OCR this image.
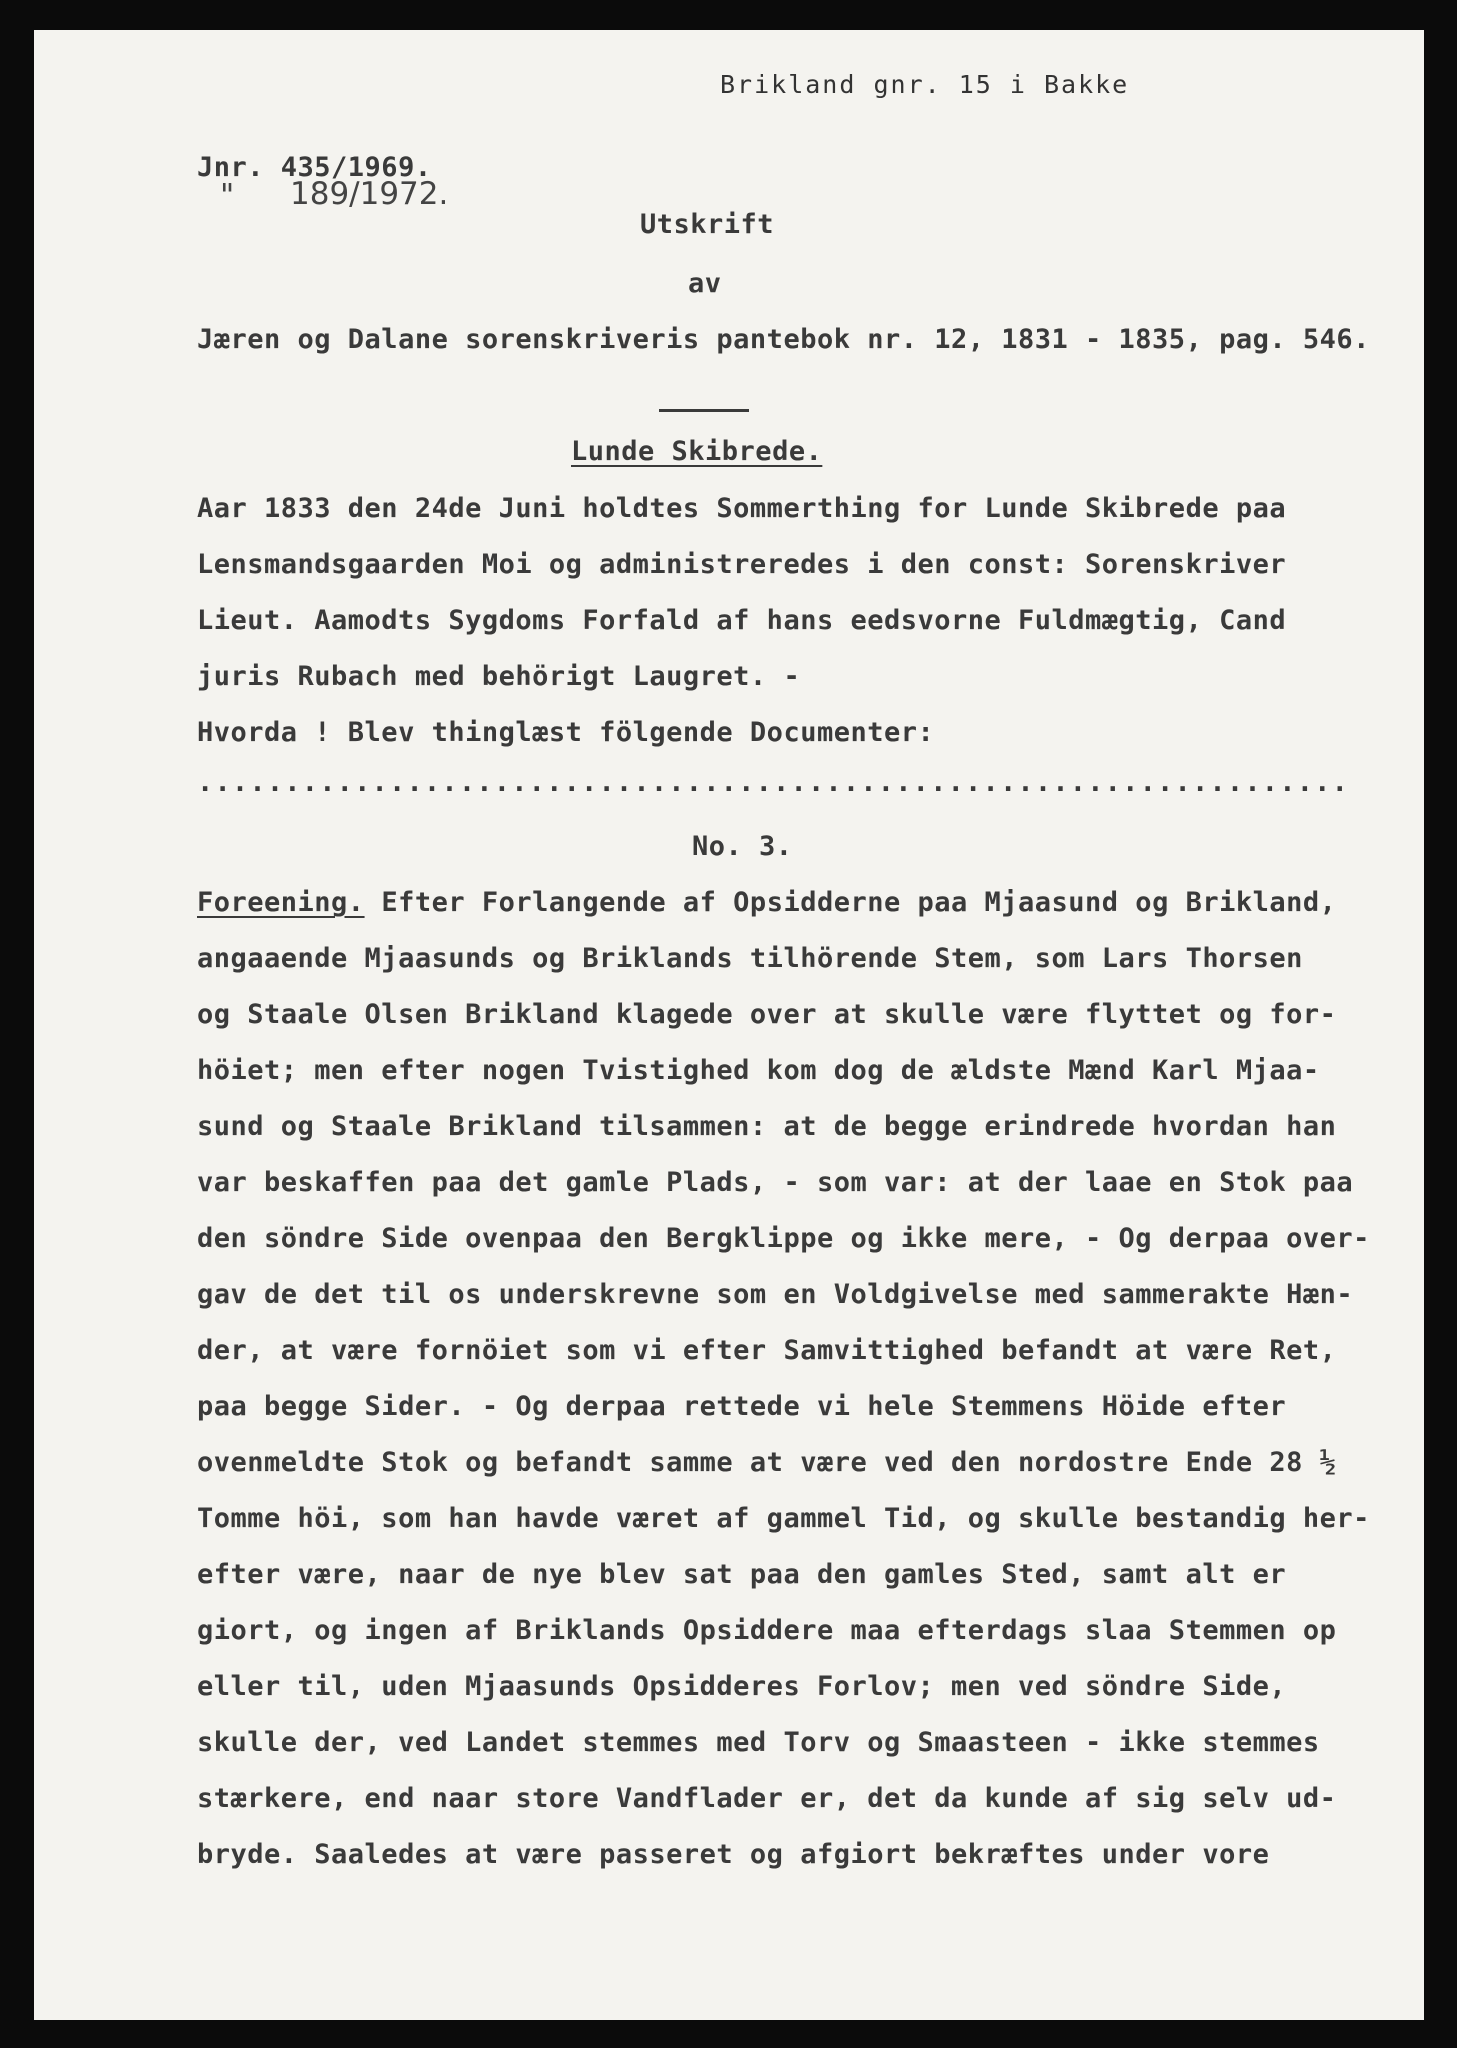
Brikland gnr. 15 i Bakke
Jnr. 435/1969.
" 189/1972.
Utskrift
av
Jæren og Dalane sorenskriveris pantebok nr. 12, 1831 - 1835, pag. 546.
Lunde Skibrede.
Aar 1833 den 24de Juni holdtes Sommerthing for Lunde Skibrede paa
Lensmandsgaarden Moi og administreredes i den const: Sorenskriver
Lieut. Aamodts Sygdoms Forfald af hans eedsvorne Fuldmægtig, Cand
juris Rubach med behörigt Laugret. -
Hvorda ! Blev thinglæst fölgende Documenter:
..................................................................
No. 3.
Foreening. Efter Forlangende af Opsidderne paa Mjaasund og Brikland,
angaaende Mjaasunds og Briklands tilhörende Stem, som Lars Thorsen
og Staale Olsen Brikland klagede over at skulle være flyttet og for-
höiet; men efter nogen Tvistighed kom dog de ældste Mænd Karl Mjaa-
sund og Staale Brikland tilsammen: at de begge erindrede hvordan han
var beskaffen paa det gamle Plads, - som var: at der laae en Stok paa
den söndre Side ovenpaa den Bergklippe og ikke mere, - Og derpaa over-
gav de det til os underskrevne som en Voldgivelse med sammerakte Hæn-
der, at være fornöiet som vi efter Samvittighed befandt at være Ret,
paa begge Sider. - Og derpaa rettede vi hele Stemmens Höide efter
ovenmeldte Stok og befandt samme at være ved den nordostre Ende 28 ½
Tomme höi, som han havde været af gammel Tid, og skulle bestandig her-
efter være, naar de nye blev sat paa den gamles Sted, samt alt er
giort, og ingen af Briklands Opsiddere maa efterdags slaa Stemmen op
eller til, uden Mjaasunds Opsidderes Forlov; men ved söndre Side,
skulle der, ved Landet stemmes med Torv og Smaasteen - ikke stemmes
stærkere, end naar store Vandflader er, det da kunde af sig selv ud-
bryde. Saaledes at være passeret og afgiort bekræftes under vore
